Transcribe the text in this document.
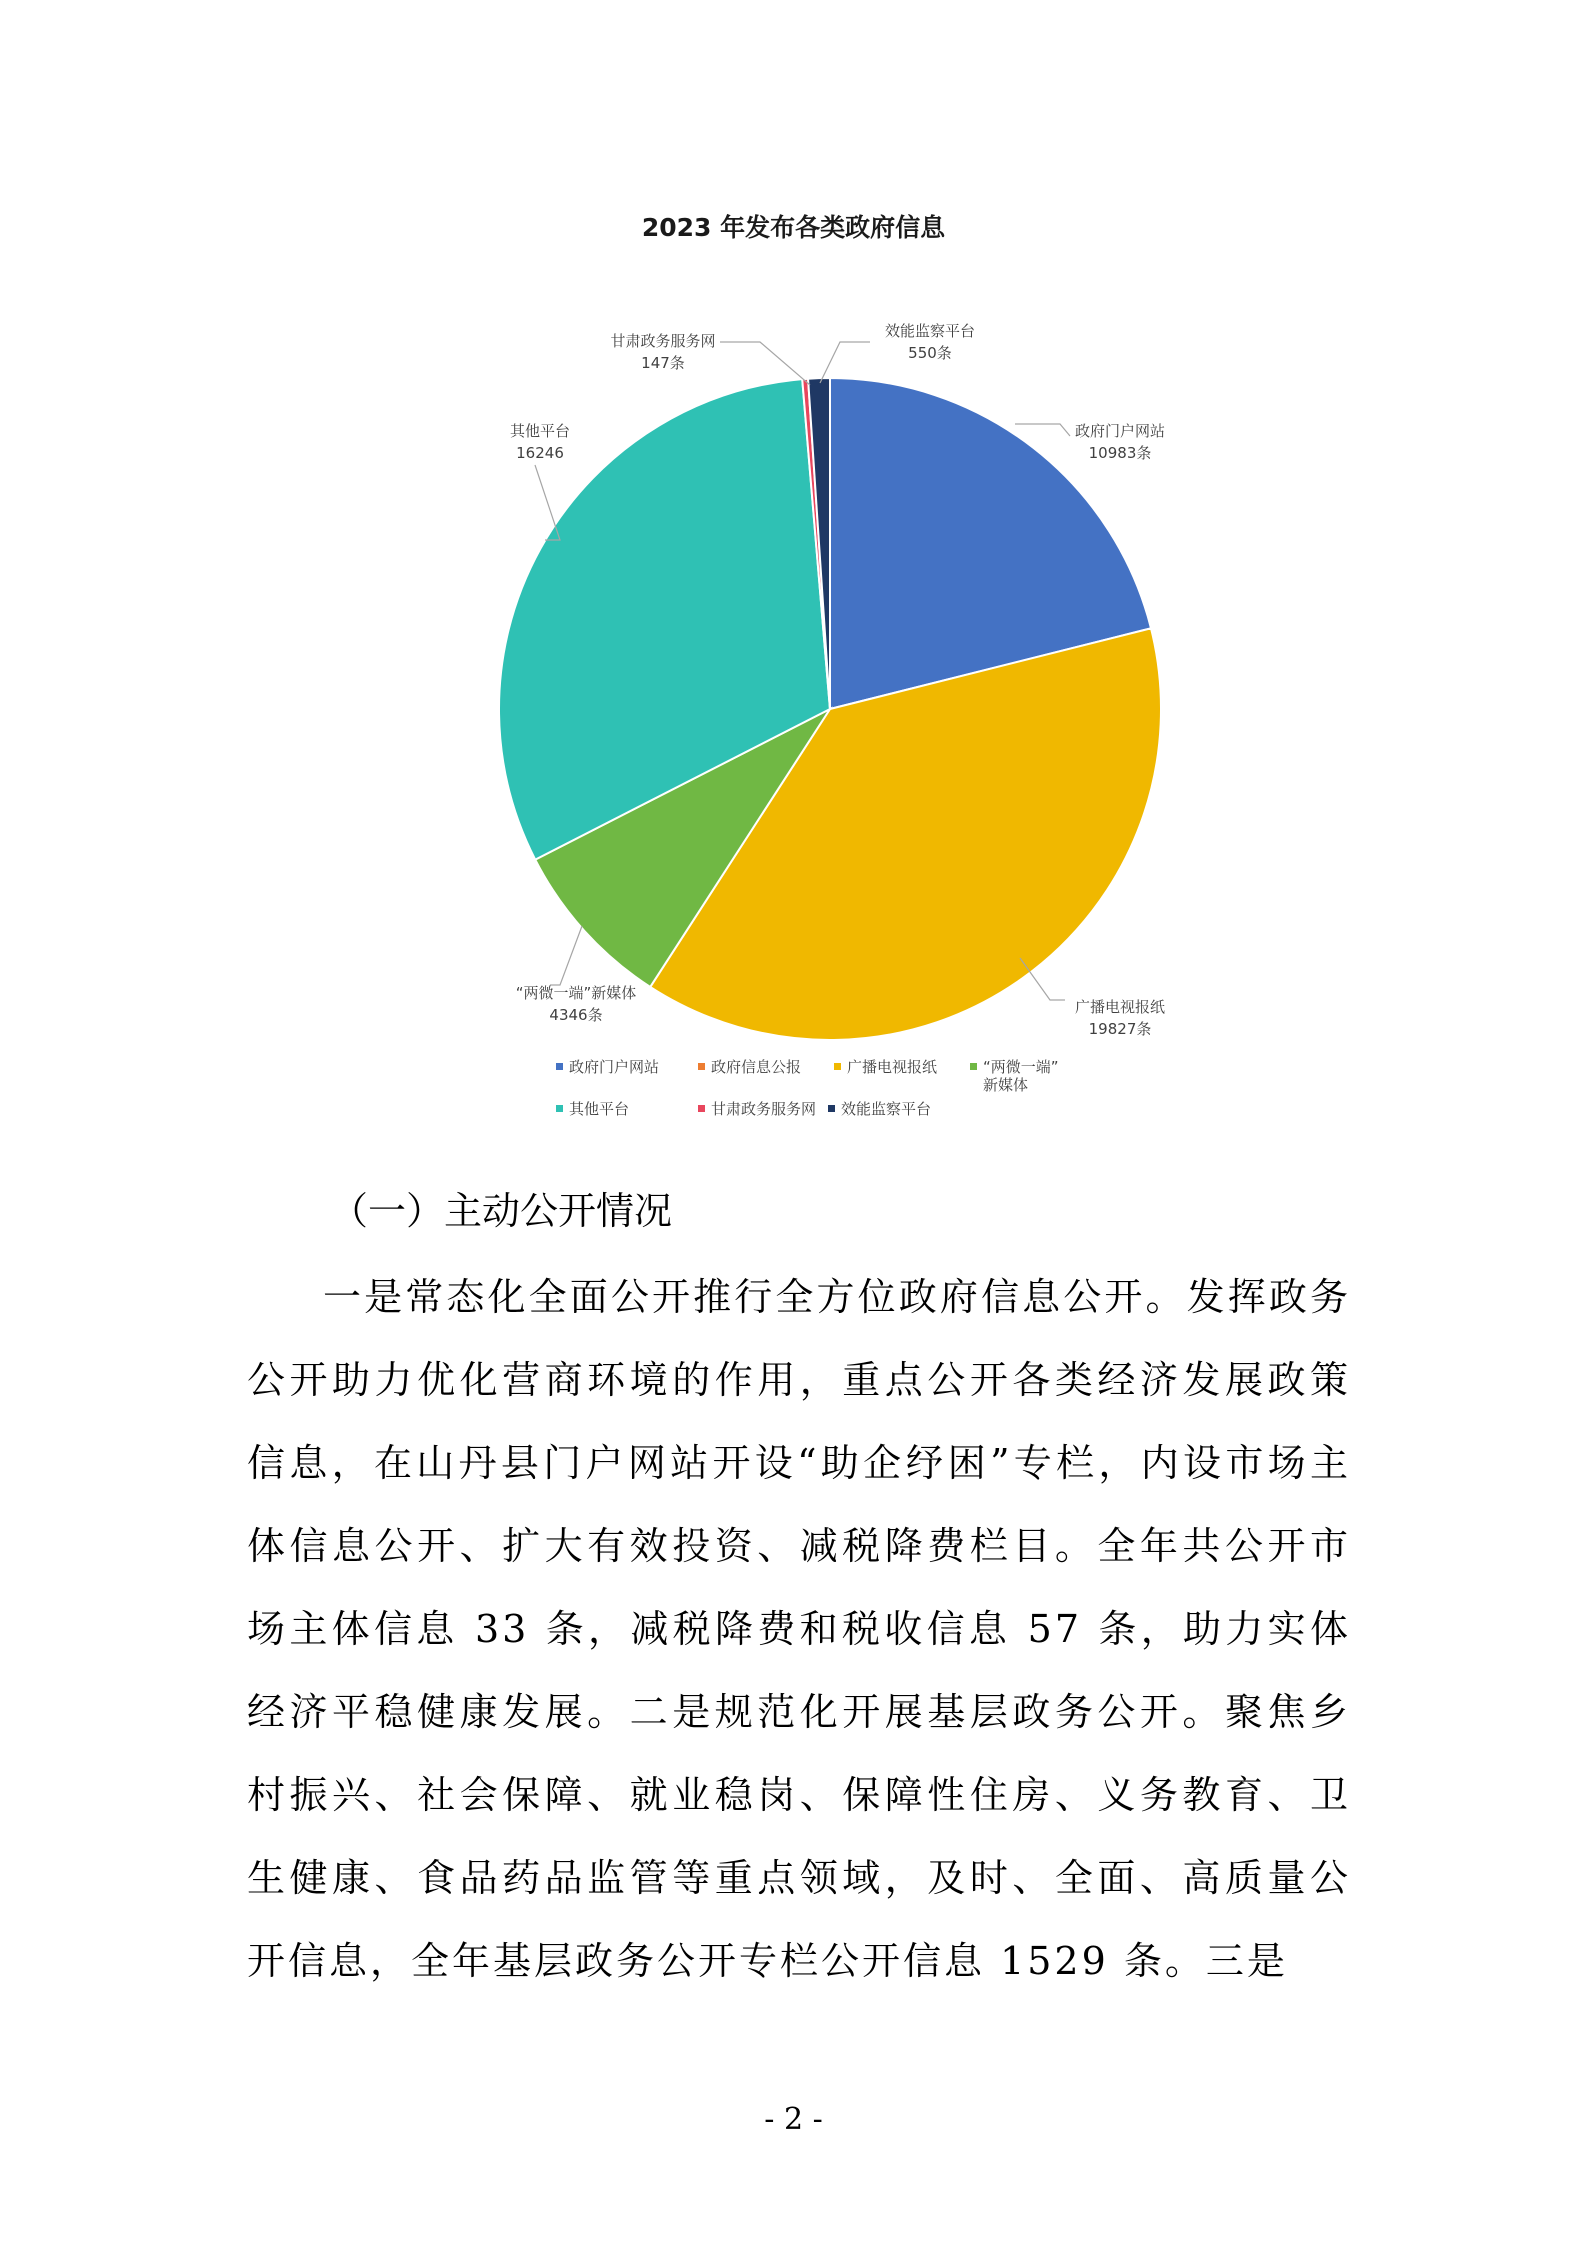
2023 年发布各类政府信息
政府门户网站
10983条
广播电视报纸
19827条
“两微一端”新媒体
4346条
其他平台
16246
甘肃政务服务网
147条
效能监察平台
550条
政府门户网站	政府信息公报	广播电视报纸	“两微一端”
新媒体
其他平台	甘肃政务服务网	效能监察平台
（一）主动公开情况

一是常态化全面公开推行全方位政府信息公开。发挥政务公开助力优化营商环境的作用，重点公开各类经济发展政策信息，在山丹县门户网站开设“助企纾困”专栏，内设市场主体信息公开、扩大有效投资、减税降费栏目。全年共公开市场主体信息 33 条，减税降费和税收信息 57 条，助力实体经济平稳健康发展。二是规范化开展基层政务公开。聚焦乡村振兴、社会保障、就业稳岗、保障性住房、义务教育、卫生健康、食品药品监管等重点领域，及时、全面、高质量公开信息，全年基层政务公开专栏公开信息 1529 条。三是

- 2 -
